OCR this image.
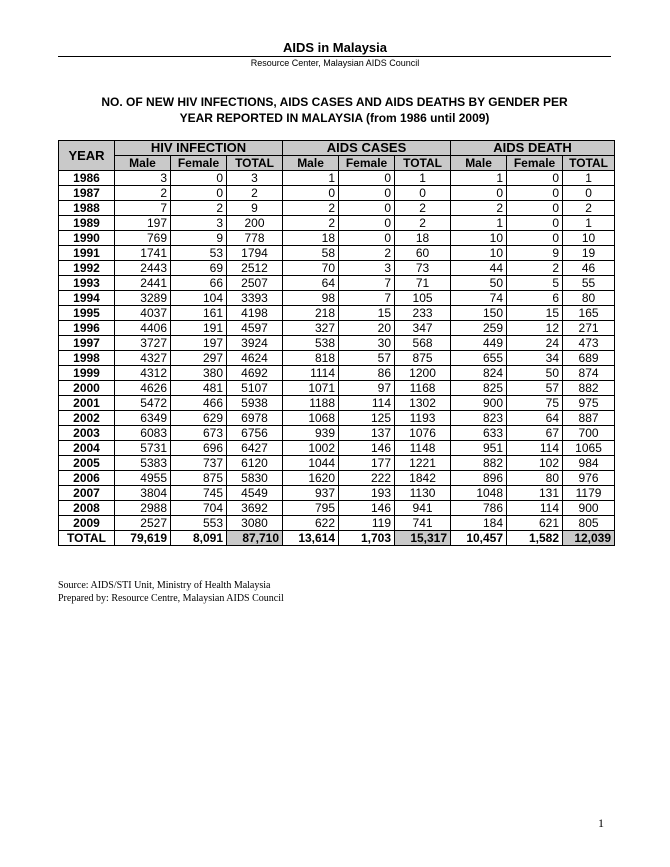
AIDS in Malaysia
Resource Center, Malaysian AIDS Council
NO. OF NEW HIV INFECTIONS, AIDS CASES AND AIDS DEATHS BY GENDER PER
YEAR REPORTED IN MALAYSIA (from 1986 until 2009)
YEAR	HIV INFECTION			AIDS CASES			AIDS DEATH		
	Male	Female	TOTAL	Male	Female	TOTAL	Male	Female	TOTAL
1986	3	0	3	1	0	1	1	0	1
1987	2	0	2	0	0	0	0	0	0
1988	7	2	9	2	0	2	2	0	2
1989	197	3	200	2	0	2	1	0	1
1990	769	9	778	18	0	18	10	0	10
1991	1741	53	1794	58	2	60	10	9	19
1992	2443	69	2512	70	3	73	44	2	46
1993	2441	66	2507	64	7	71	50	5	55
1994	3289	104	3393	98	7	105	74	6	80
1995	4037	161	4198	218	15	233	150	15	165
1996	4406	191	4597	327	20	347	259	12	271
1997	3727	197	3924	538	30	568	449	24	473
1998	4327	297	4624	818	57	875	655	34	689
1999	4312	380	4692	1114	86	1200	824	50	874
2000	4626	481	5107	1071	97	1168	825	57	882
2001	5472	466	5938	1188	114	1302	900	75	975
2002	6349	629	6978	1068	125	1193	823	64	887
2003	6083	673	6756	939	137	1076	633	67	700
2004	5731	696	6427	1002	146	1148	951	114	1065
2005	5383	737	6120	1044	177	1221	882	102	984
2006	4955	875	5830	1620	222	1842	896	80	976
2007	3804	745	4549	937	193	1130	1048	131	1179
2008	2988	704	3692	795	146	941	786	114	900
2009	2527	553	3080	622	119	741	184	621	805
TOTAL	79,619	8,091	87,710	13,614	1,703	15,317	10,457	1,582	12,039
Source: AIDS/STI Unit, Ministry of Health Malaysia
Prepared by: Resource Centre, Malaysian AIDS Council
1
